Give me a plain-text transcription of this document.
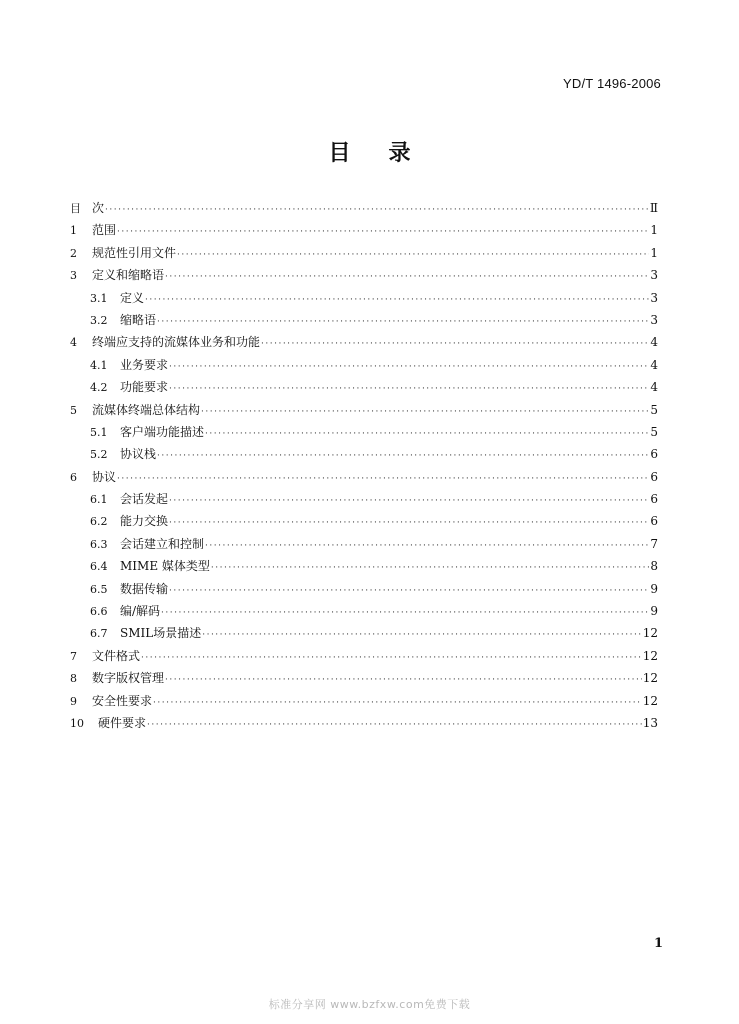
YD/T 1496-2006
目 录
目 次 ·····	Ⅱ
1	范围 ·····	1
2	规范性引用文件 ·····	1
3	定义和缩略语 ·····	3
3.1	定义 ·····	3
3.2	缩略语 ·····	3
4	终端应支持的流媒体业务和功能 ·····	4
4.1	业务要求 ·····	4
4.2	功能要求 ·····	4
5	流媒体终端总体结构 ·····	5
5.1	客户端功能描述 ·····	5
5.2	协议栈 ·····	6
6	协议 ·····	6
6.1	会话发起 ·····	6
6.2	能力交换 ·····	6
6.3	会话建立和控制 ·····	7
6.4	MIME 媒体类型 ·····	8
6.5	数据传输 ·····	9
6.6	编/解码 ·····	9
6.7	SMIL场景描述 ·····	12
7	文件格式 ·····	12
8	数字版权管理 ·····	12
9	安全性要求 ·····	12
10	硬件要求 ·····	13
1
标准分享网 www.bzfxw.com免费下载
